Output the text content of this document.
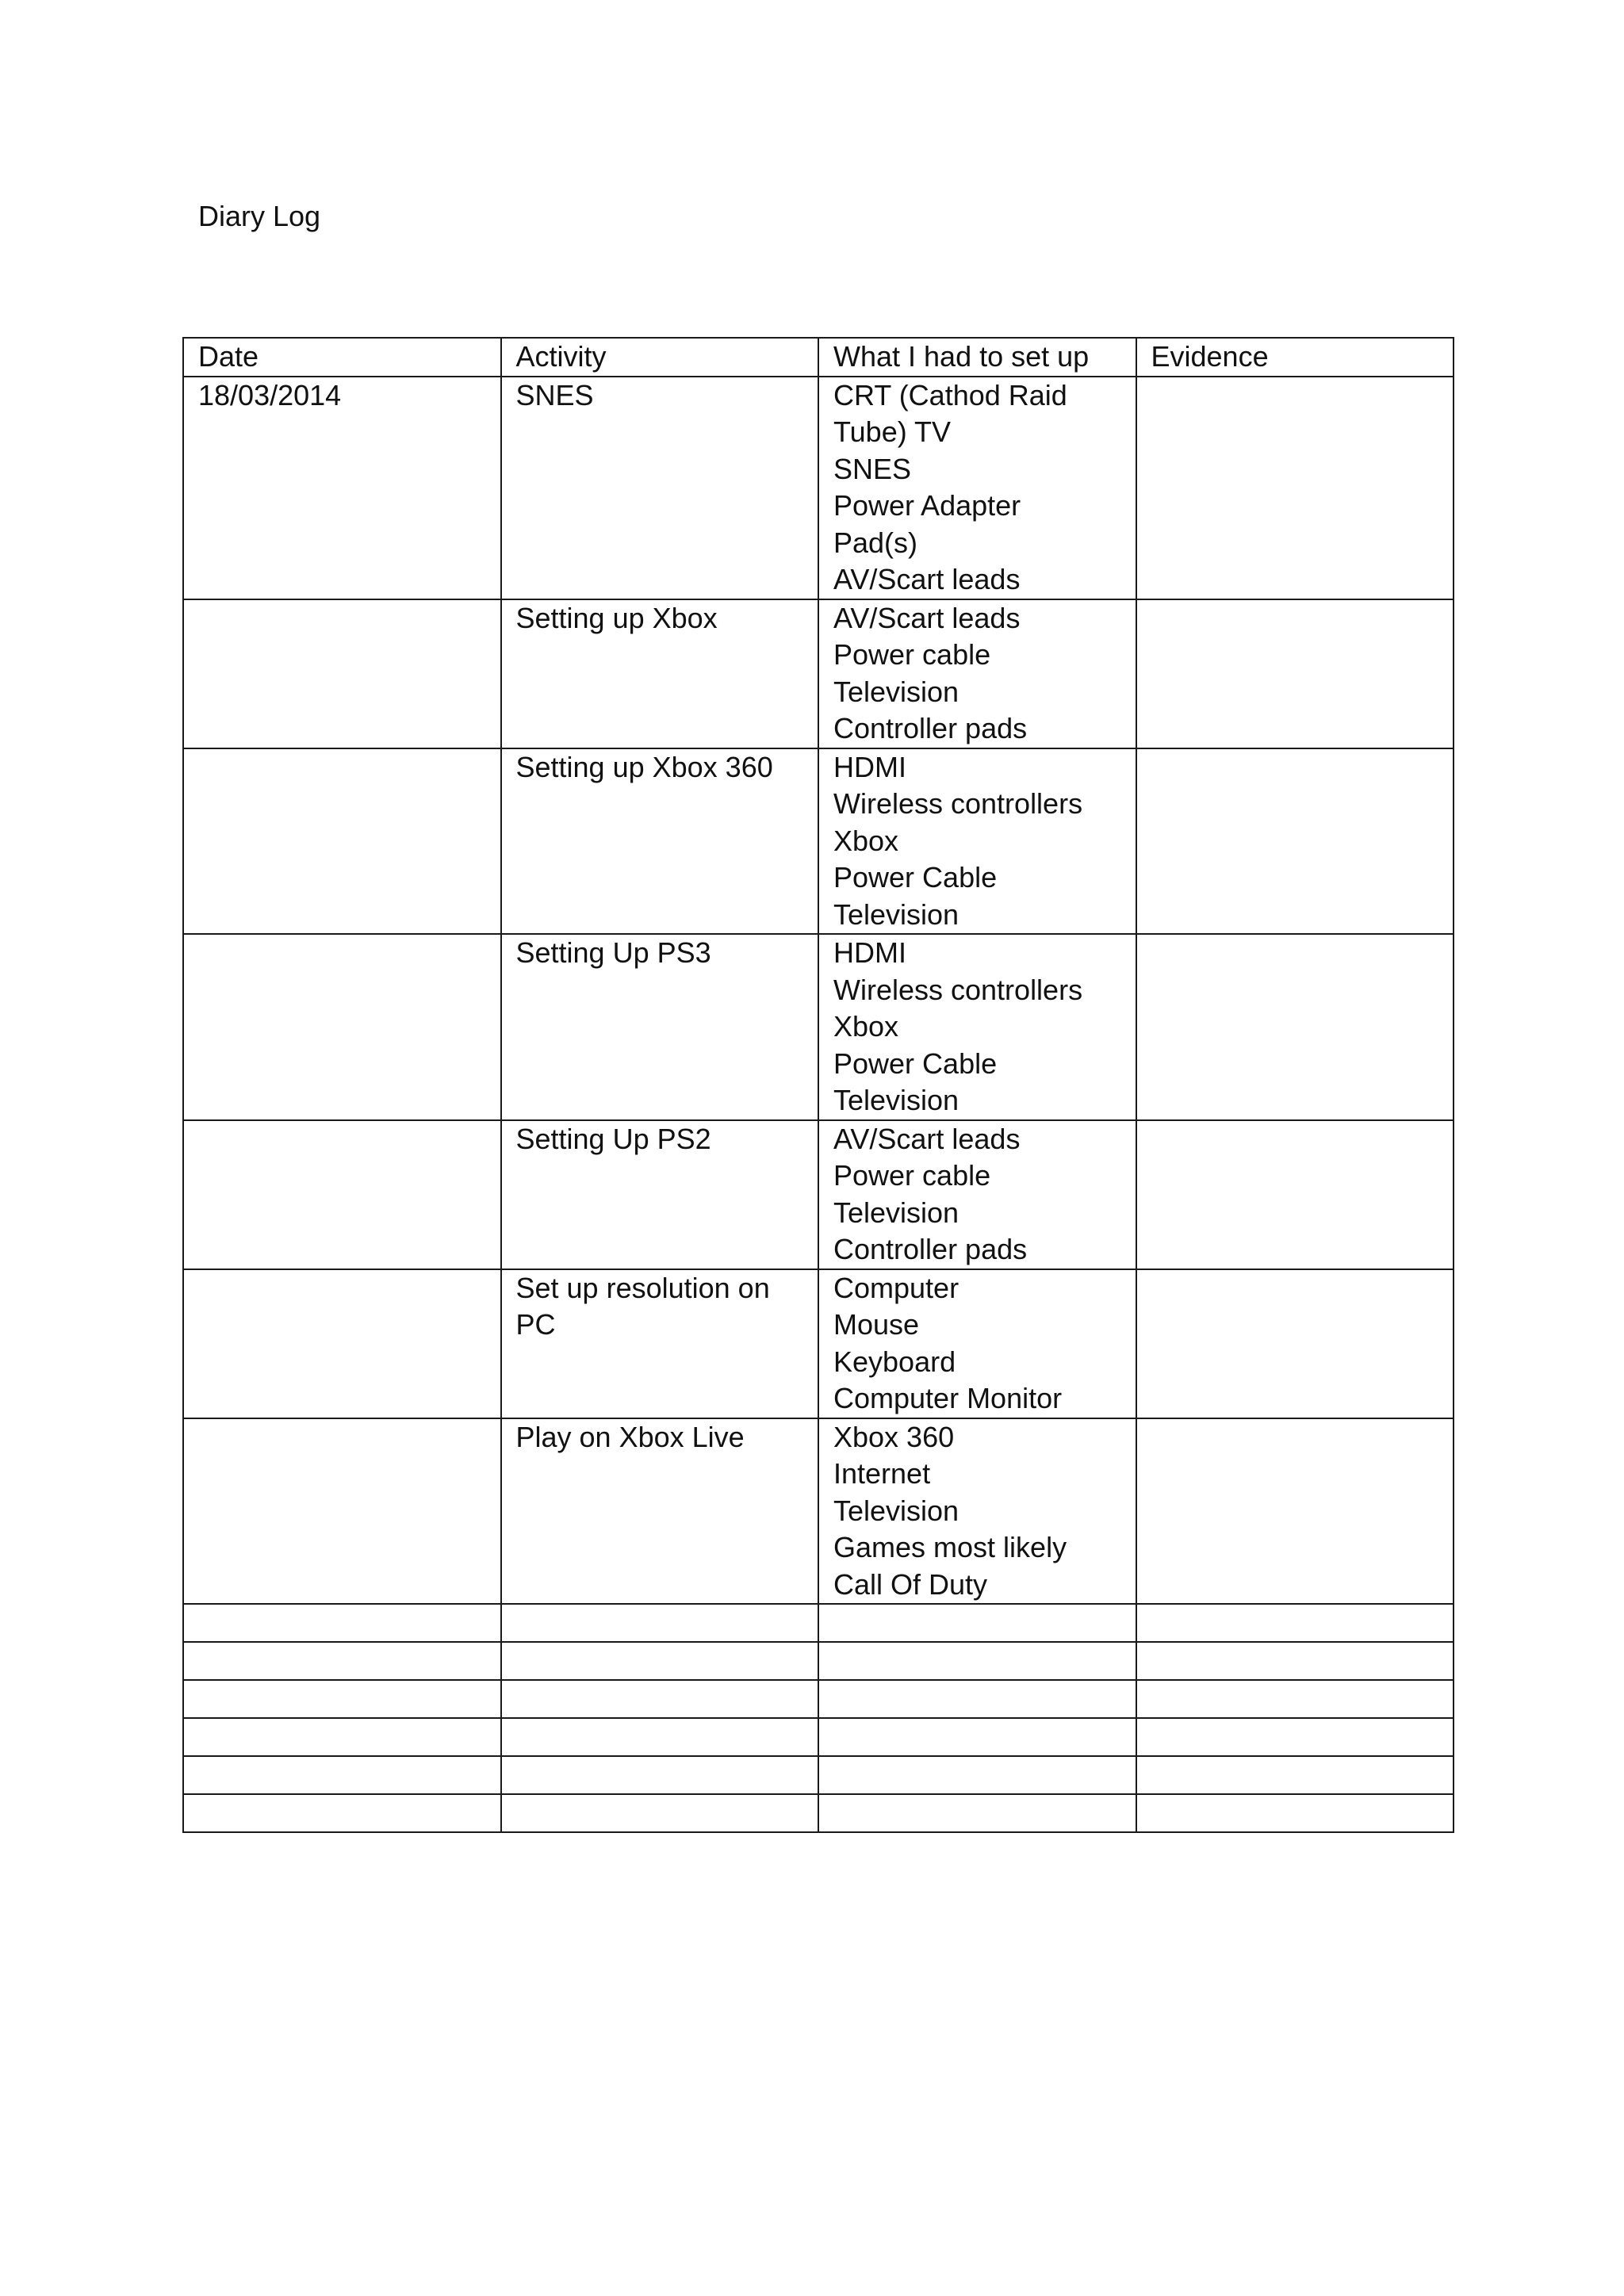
Diary Log
Date	Activity	What I had to set up	Evidence
18/03/2014	SNES	CRT (Cathod Raid Tube) TV
SNES
Power Adapter
Pad(s)
AV/Scart leads	

	Setting up Xbox	AV/Scart leads
Power cable
Television
Controller pads	

	Setting up Xbox 360	HDMI
Wireless controllers
Xbox
Power Cable
Television	

	Setting Up PS3	HDMI
Wireless controllers
Xbox
Power Cable
Television	

	Setting Up PS2	AV/Scart leads
Power cable
Television
Controller pads	

	Set up resolution on PC	Computer
Mouse
Keyboard
Computer Monitor	

	Play on Xbox Live	Xbox 360
Internet
Television
Games most likely Call Of Duty	
